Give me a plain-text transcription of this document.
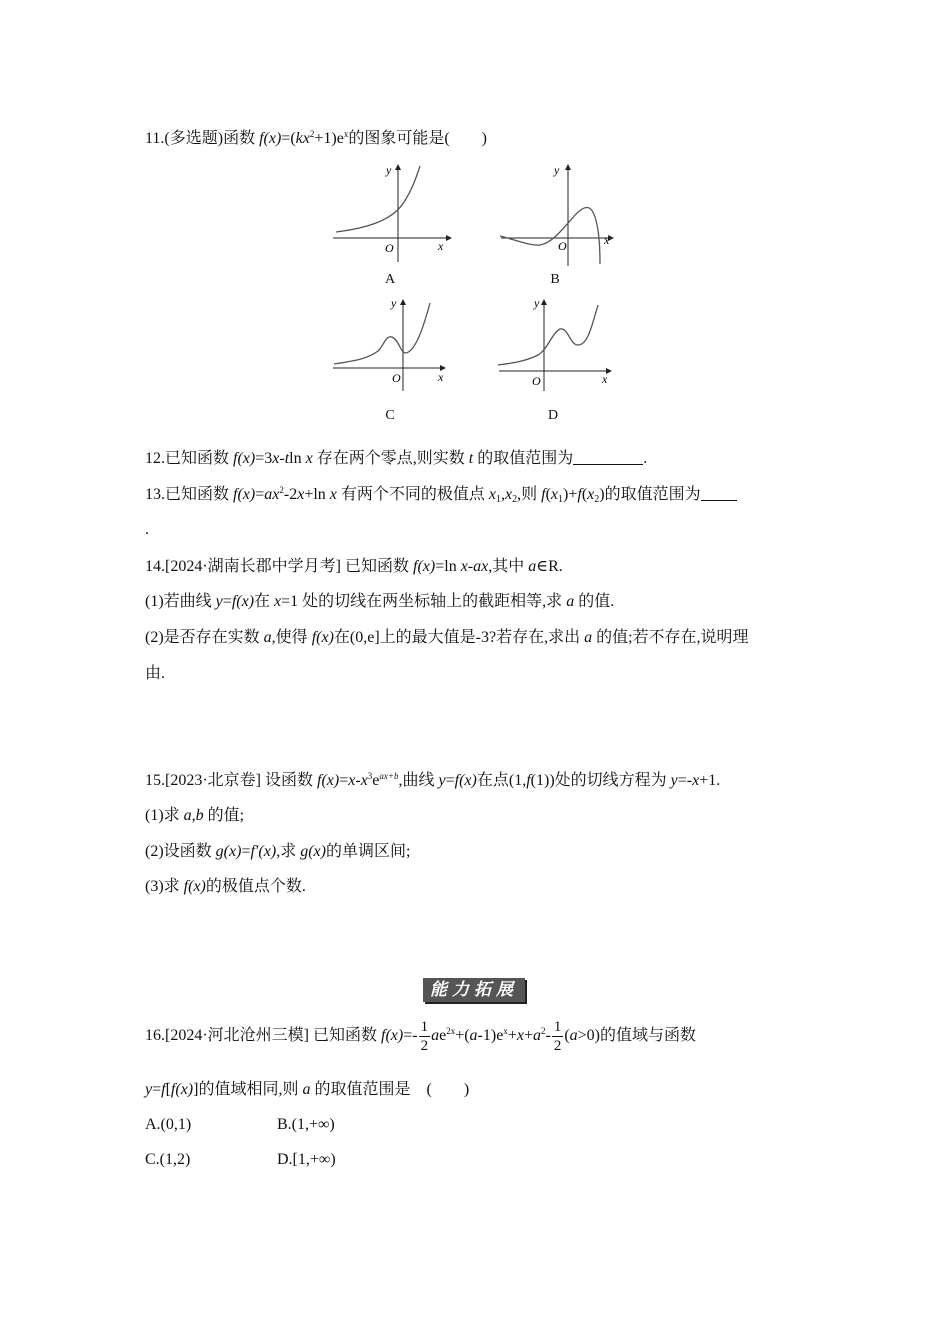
11.(多选题)函数 $f(x)=(kx^2+1)e^x$的图象可能是(　　)
y
x
O
A
y
x
O
B
y
x
O
C
y
x
O
D
12.已知函数 f(x)=3x-tln x 存在两个零点,则实数 t 的取值范围为	.
13.已知函数 $f(x)=ax^2-2x+\ln$ x 有两个不同的极值点 $x_1,x_2$,则 $f(x_1)+f(x_2)$的取值范围为
.
14.[2024·湖南长郡中学月考] 已知函数 f(x)=ln x-ax,其中 a∈R.
(1)若曲线 y=f(x)在 x=1 处的切线在两坐标轴上的截距相等,求 a 的值.
(2)是否存在实数 a,使得 f(x)在(0,e]上的最大值是-3?若存在,求出 a 的值;若不存在,说明理
由.
15.[2023·北京卷] 设函数 $f(x)=x-x^3e^{ax+b}$,曲线 y=f(x)在点(1,f(1))处的切线方程为 y=-x+1.
(1)求 a,b 的值;
(2)设函数 g(x)=f′(x),求 g(x)的单调区间;
(3)求 f(x)的极值点个数.
能力拓展
16.[2024·河北沧州三模] 已知函数 $f(x)=- \frac{1}{2} ae^{2x}+(a-1)e^x+x+a^2- \frac{1}{2} (a>0)$的值域与函数
y=f[f(x)]的值域相同,则 a 的取值范围是　(　　)
A.(0,1)	B.(1,+∞)
C.(1,2)	D.[1,+∞)
